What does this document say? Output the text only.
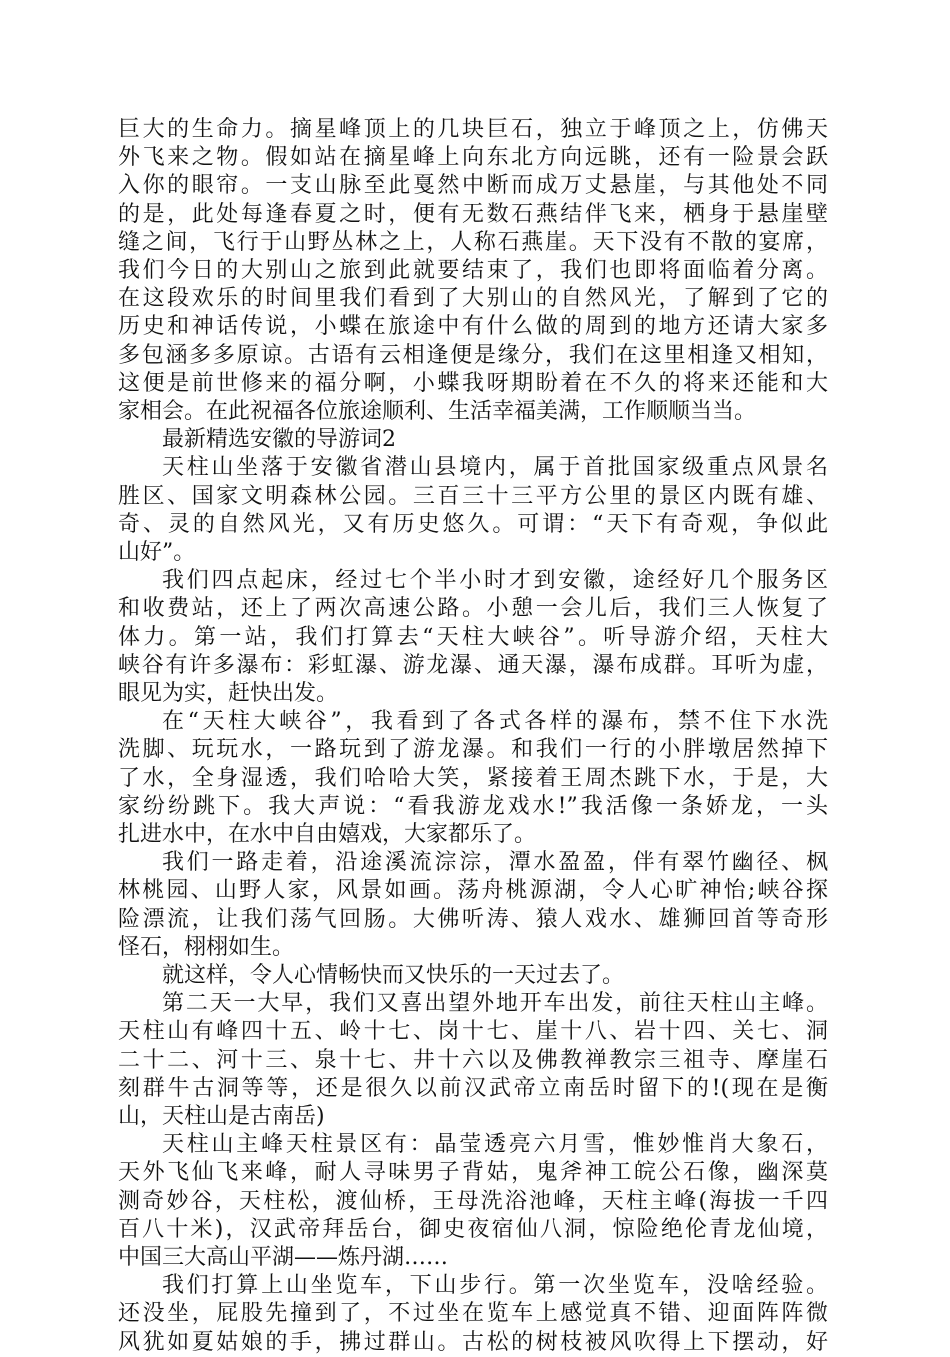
巨大的生命力。摘星峰顶上的几块巨石，独立于峰顶之上，仿佛天
外飞来之物。假如站在摘星峰上向东北方向远眺，还有一险景会跃
入你的眼帘。一支山脉至此戛然中断而成万丈悬崖，与其他处不同
的是，此处每逢春夏之时，便有无数石燕结伴飞来，栖身于悬崖壁
缝之间，飞行于山野丛林之上，人称石燕崖。天下没有不散的宴席，
我们今日的大别山之旅到此就要结束了，我们也即将面临着分离。
在这段欢乐的时间里我们看到了大别山的自然风光，了解到了它的
历史和神话传说，小蝶在旅途中有什么做的周到的地方还请大家多
多包涵多多原谅。古语有云相逢便是缘分，我们在这里相逢又相知，
这便是前世修来的福分啊，小蝶我呀期盼着在不久的将来还能和大
家相会。在此祝福各位旅途顺利、生活幸福美满，工作顺顺当当。
最新精选安徽的导游词2
天柱山坐落于安徽省潜山县境内，属于首批国家级重点风景名
胜区、国家文明森林公园。三百三十三平方公里的景区内既有雄、
奇、灵的自然风光，又有历史悠久。可谓：“天下有奇观，争似此
山好”。
我们四点起床，经过七个半小时才到安徽，途经好几个服务区
和收费站，还上了两次高速公路。小憩一会儿后，我们三人恢复了
体力。第一站，我们打算去“天柱大峡谷”。听导游介绍，天柱大
峡谷有许多瀑布：彩虹瀑、游龙瀑、通天瀑，瀑布成群。耳听为虚，
眼见为实，赶快出发。
在“天柱大峡谷”，我看到了各式各样的瀑布，禁不住下水洗
洗脚、玩玩水，一路玩到了游龙瀑。和我们一行的小胖墩居然掉下
了水，全身湿透，我们哈哈大笑，紧接着王周杰跳下水，于是，大
家纷纷跳下。我大声说：“看我游龙戏水!”我活像一条娇龙，一头
扎进水中，在水中自由嬉戏，大家都乐了。
我们一路走着，沿途溪流淙淙，潭水盈盈，伴有翠竹幽径、枫
林桃园、山野人家，风景如画。荡舟桃源湖，令人心旷神怡;峡谷探
险漂流，让我们荡气回肠。大佛听涛、猿人戏水、雄狮回首等奇形
怪石，栩栩如生。
就这样，令人心情畅快而又快乐的一天过去了。
第二天一大早，我们又喜出望外地开车出发，前往天柱山主峰。
天柱山有峰四十五、岭十七、岗十七、崖十八、岩十四、关七、洞
二十二、河十三、泉十七、井十六以及佛教禅教宗三祖寺、摩崖石
刻群牛古洞等等，还是很久以前汉武帝立南岳时留下的!(现在是衡
山，天柱山是古南岳)
天柱山主峰天柱景区有：晶莹透亮六月雪，惟妙惟肖大象石，
天外飞仙飞来峰，耐人寻味男子背姑，鬼斧神工皖公石像，幽深莫
测奇妙谷，天柱松，渡仙桥，王母洗浴池峰，天柱主峰(海拔一千四
百八十米)，汉武帝拜岳台，御史夜宿仙八洞，惊险绝伦青龙仙境，
中国三大高山平湖——炼丹湖……
我们打算上山坐览车，下山步行。第一次坐览车，没啥经验。
还没坐，屁股先撞到了，不过坐在览车上感觉真不错、迎面阵阵微
风犹如夏姑娘的手，拂过群山。古松的树枝被风吹得上下摆动，好
